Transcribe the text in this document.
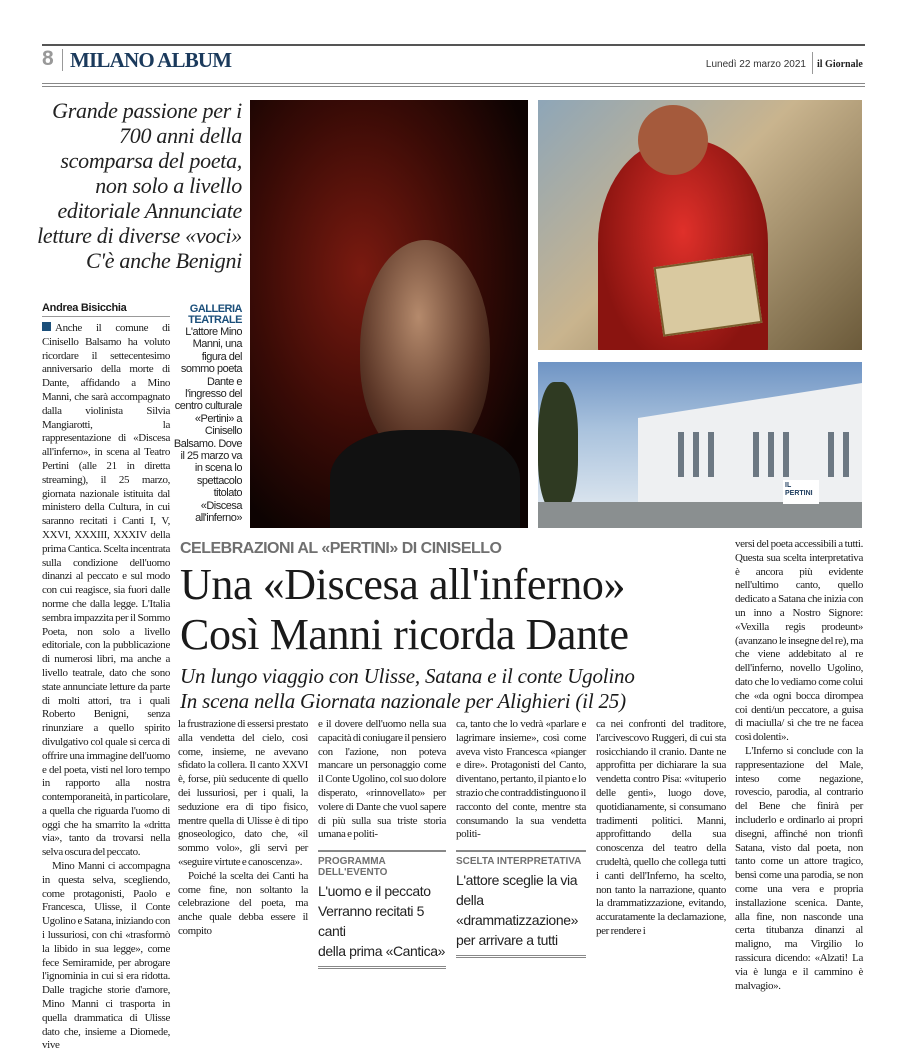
8 MILANO ALBUM	Lunedì 22 marzo 2021 il Giornale
Grande passione per i 700 anni della scomparsa del poeta, non solo a livello editoriale Annunciate letture di diverse «voci» C'è anche Benigni
Andrea Bisicchia	GALLERIA TEATRALE
L'attore Mino Manni, una figura del sommo poeta Dante e l'ingresso del centro culturale «Pertini» a Cinisello Balsamo. Dove il 25 marzo va in scena lo spettacolo titolato «Discesa all'inferno»
IL PERTINI

Anche il comune di Cinisello Balsamo ha voluto ricordare il settecentesimo anniversario della morte di Dante, affidando a Mino Manni, che sarà accompagnato dalla violinista Silvia Mangiarotti, la rappresentazione di «Discesa all'inferno», in scena al Teatro Pertini (alle 21 in diretta streaming), il 25 marzo, giornata nazionale istituita dal ministero della Cultura, in cui saranno recitati i Canti I, V, XXVI, XXXIII, XXXIV della prima Cantica. Scelta incentrata sulla condizione dell'uomo dinanzi al peccato e sul modo con cui reagisce, sia fuori dalle norme che dalla legge. L'Italia sembra impazzita per il Sommo Poeta, non solo a livello editoriale, con la pubblicazione di numerosi libri, ma anche a livello teatrale, dato che sono state annunciate letture da parte di molti attori, tra i quali Roberto Benigni, senza rinunziare a quello spirito divulgativo col quale si cerca di offrire una immagine dell'uomo e del poeta, visti nel loro tempo in rapporto alla nostra contemporaneità, in particolare, a quella che riguarda l'uomo di oggi che ha smarrito la «dritta via», tanto da trovarsi nella selva oscura del peccato.

Mino Manni ci accompagna in questa selva, scegliendo, come protagonisti, Paolo e Francesca, Ulisse, il Conte Ugolino e Satana, iniziando con i lussuriosi, con chi «trasformò la libido in sua legge», come fece Semiramide, per abrogare l'ignominia in cui si era ridotta. Dalle tragiche storie d'amore, Mino Manni ci trasporta in quella drammatica di Ulisse dato che, insieme a Diomede, vive

CELEBRAZIONI AL «PERTINI» DI CINISELLO
Una «Discesa all'inferno»
Così Manni ricorda Dante
Un lungo viaggio con Ulisse, Satana e il conte Ugolino
In scena nella Giornata nazionale per Alighieri (il 25)

la frustrazione di essersi prestato alla vendetta del cielo, così come, insieme, ne avevano sfidato la collera. Il canto XXVI è, forse, più seducente di quello dei lussuriosi, per i quali, la seduzione era di tipo fisico, mentre quella di Ulisse è di tipo gnoseologico, dato che, «il sommo volo», gli servì per «seguire virtute e canoscenza».

Poiché la scelta dei Canti ha come fine, non soltanto la celebrazione del poeta, ma anche quale debba essere il compito

e il dovere dell'uomo nella sua capacità di coniugare il pensiero con l'azione, non poteva mancare un personaggio come il Conte Ugolino, col suo dolore disperato, «rinnovellato» per volere di Dante che vuol sapere di più sulla sua triste storia umana e politi-

PROGRAMMA DELL'EVENTO
L'uomo e il peccato
Verranno recitati 5 canti
della prima «Cantica»

ca, tanto che lo vedrà «parlare e lagrimare insieme», così come aveva visto Francesca «pianger e dire». Protagonisti del Canto, diventano, pertanto, il pianto e lo strazio che contraddistinguono il racconto del conte, mentre sta consumando la sua vendetta politi-

SCELTA INTERPRETATIVA
L'attore sceglie la via
della «drammatizzazione»
per arrivare a tutti

ca nei confronti del traditore, l'arcivescovo Ruggeri, di cui sta rosicchiando il cranio. Dante ne approfitta per dichiarare la sua vendetta contro Pisa: «vituperio delle genti», luogo dove, quotidianamente, si consumano tradimenti politici. Manni, approfittando della sua conoscenza del teatro della crudeltà, quello che collega tutti i canti dell'Inferno, ha scelto, non tanto la narrazione, quanto la drammatizzazione, evitando, accuratamente la declamazione, per rendere i

versi del poeta accessibili a tutti. Questa sua scelta interpretativa è ancora più evidente nell'ultimo canto, quello dedicato a Satana che inizia con un inno a Nostro Signore: «Vexilla regis prodeunt» (avanzano le insegne del re), ma che viene addebitato al re dell'inferno, novello Ugolino, dato che lo vediamo come colui che «da ogni bocca dirompea coi denti/un peccatore, a guisa di maciulla/ sì che tre ne facea così dolenti».

L'Inferno si conclude con la rappresentazione del Male, inteso come negazione, rovescio, parodia, al contrario del Bene che finirà per includerlo e ordinarlo ai propri disegni, affinché non trionfi Satana, visto dal poeta, non tanto come un attore tragico, bensì come una parodia, se non come una vera e propria installazione scenica. Dante, alla fine, non nasconde una certa titubanza dinanzi al maligno, ma Virgilio lo rassicura dicendo: «Alzati! La via è lunga e il cammino è malvagio».
